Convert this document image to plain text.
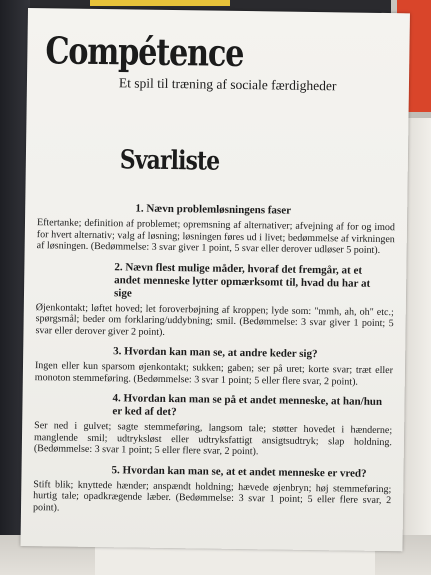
Compétence

Et spil til træning af sociale færdigheder

Svarliste

1. Nævn problemløsningens faser

Eftertanke; definition af problemet; opremsning af alternativer; afvejning af for og imod for hvert alternativ; valg af løsning; løsningen føres ud i livet; bedømmelse af virkningen af løsningen. (Bedømmelse: 3 svar giver 1 point, 5 svar eller derover udløser 5 point).

2. Nævn flest mulige måder, hvoraf det fremgår, at et andet menneske lytter opmærksomt til, hvad du har at sige

Øjenkontakt; løftet hoved; let foroverbøjning af kroppen; lyde som: "mmh, ah, oh" etc.; spørgsmål; beder om forklaring/uddybning; smil. (Bedømmelse: 3 svar giver 1 point; 5 svar eller derover giver 2 point).

3. Hvordan kan man se, at andre keder sig?

Ingen eller kun sparsom øjenkontakt; sukken; gaben; ser på uret; korte svar; træt eller monoton stemmeføring. (Bedømmelse: 3 svar 1 point; 5 eller flere svar, 2 point).

4. Hvordan kan man se på et andet menneske, at han/hun er ked af det?

Ser ned i gulvet; sagte stemmeføring, langsom tale; støtter hovedet i hænderne; manglende smil; udtryksløst eller udtryksfattigt ansigtsudtryk; slap holdning. (Bedømmelse: 3 svar 1 point; 5 eller flere svar, 2 point).

5. Hvordan kan man se, at et andet menneske er vred?

Stift blik; knyttede hænder; anspændt holdning; hævede øjenbryn; høj stemmeføring; hurtig tale; opadkrægende læber. (Bedømmelse: 3 svar 1 point; 5 eller flere svar, 2 point).
